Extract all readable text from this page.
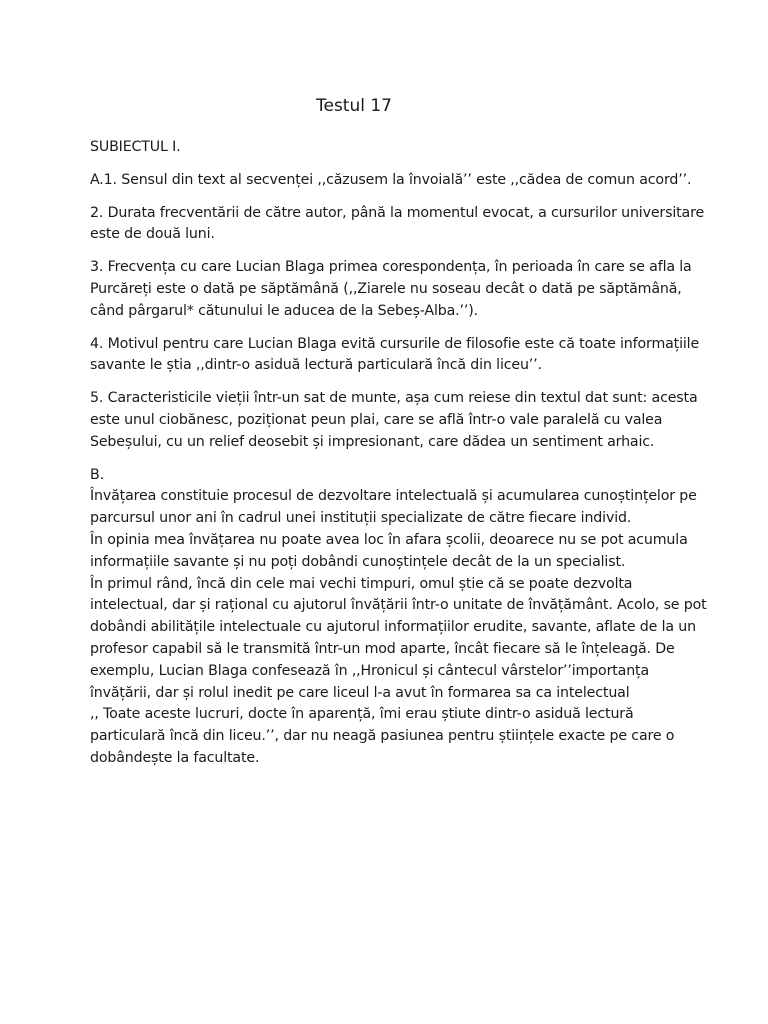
Testul 17

SUBIECTUL I.

A.1. Sensul din text al secvenței ,,căzusem la învoială’’ este ,,cădea de comun acord’’.

2. Durata frecventării de către autor, până la momentul evocat, a cursurilor universitare este de două luni.

3. Frecvența cu care Lucian Blaga primea corespondența, în perioada în care se afla la Purcăreți este o dată pe săptămână (,,Ziarele nu soseau decât o dată pe săptămână, când pârgarul* cătunului le aducea de la Sebeș-Alba.’’).

4. Motivul pentru care Lucian Blaga evită cursurile de filosofie este că toate informațiile savante le știa ,,dintr-o asiduă lectură particulară încă din liceu’’.

5. Caracteristicile vieții într-un sat de munte, așa cum reiese din textul dat sunt: acesta este unul ciobănesc, poziționat peun plai, care se află într-o vale paralelă cu valea Sebeșului, cu un relief deosebit și impresionant, care dădea un sentiment arhaic.

B.

Învățarea constituie procesul de dezvoltare intelectuală și acumularea cunoștințelor pe parcursul unor ani în cadrul unei instituții specializate de către fiecare individ.

În opinia mea învățarea nu poate avea loc în afara școlii, deoarece nu se pot acumula informațiile savante și nu poți dobândi cunoștințele decât de la un specialist.

În primul rând, încă din cele mai vechi timpuri, omul știe că se poate dezvolta intelectual, dar și rațional cu ajutorul învățării într-o unitate de învățământ. Acolo, se pot dobândi abilitățile intelectuale cu ajutorul informațiilor erudite, savante, aflate de la un profesor capabil să le transmită într-un mod aparte, încât fiecare să le înțeleagă. De exemplu, Lucian Blaga confesează în ,,Hronicul și cântecul vârstelor’’importanța învățării, dar și rolul inedit pe care liceul l-a avut în formarea sa ca intelectual

,, Toate aceste lucruri, docte în aparență, îmi erau știute dintr-o asiduă lectură particulară încă din liceu.’’, dar nu neagă pasiunea pentru științele exacte pe care o dobândește la facultate.
